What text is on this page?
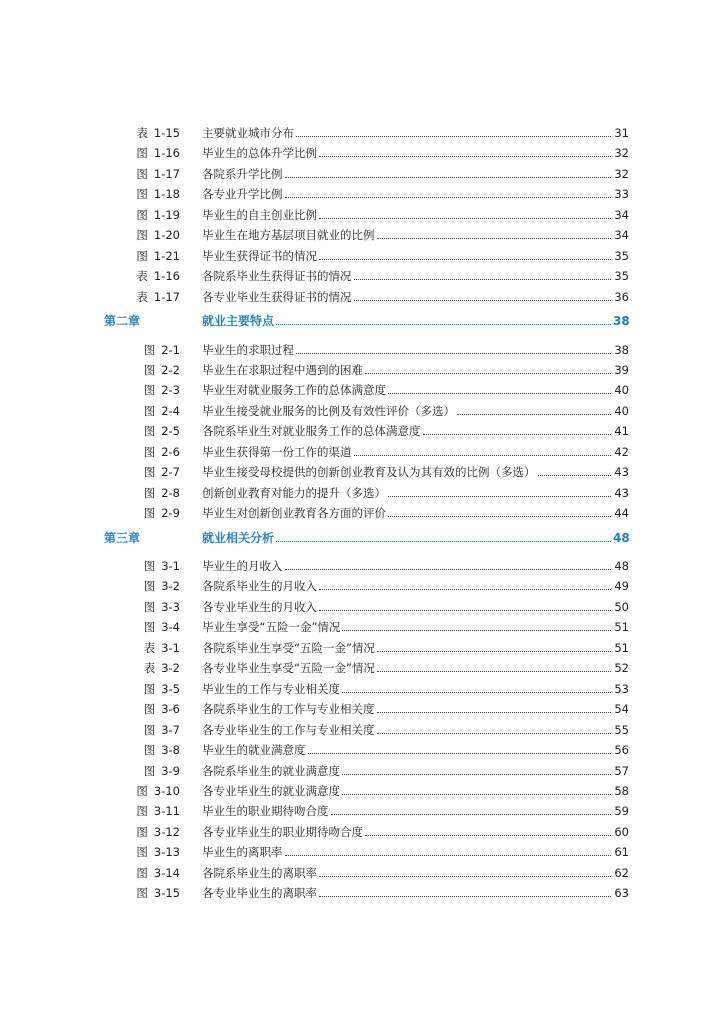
表 1-15 主要就业城市分布	31
图 1-16 毕业生的总体升学比例	32
图 1-17 各院系升学比例	32
图 1-18 各专业升学比例	33
图 1-19 毕业生的自主创业比例	34
图 1-20 毕业生在地方基层项目就业的比例	34
图 1-21 毕业生获得证书的情况	35
表 1-16 各院系毕业生获得证书的情况	35
表 1-17 各专业毕业生获得证书的情况	36
第二章	就业主要特点	38
图 2-1 毕业生的求职过程	38
图 2-2 毕业生在求职过程中遇到的困难	39
图 2-3 毕业生对就业服务工作的总体满意度	40
图 2-4 毕业生接受就业服务的比例及有效性评价（多选）	40
图 2-5 各院系毕业生对就业服务工作的总体满意度	41
图 2-6 毕业生获得第一份工作的渠道	42
图 2-7 毕业生接受母校提供的创新创业教育及认为其有效的比例（多选）	43
图 2-8 创新创业教育对能力的提升（多选）	43
图 2-9 毕业生对创新创业教育各方面的评价	44
第三章	就业相关分析	48
图 3-1 毕业生的月收入	48
图 3-2 各院系毕业生的月收入	49
图 3-3 各专业毕业生的月收入	50
图 3-4 毕业生享受“五险一金”情况	51
表 3-1 各院系毕业生享受“五险一金”情况	51
表 3-2 各专业毕业生享受“五险一金”情况	52
图 3-5 毕业生的工作与专业相关度	53
图 3-6 各院系毕业生的工作与专业相关度	54
图 3-7 各专业毕业生的工作与专业相关度	55
图 3-8 毕业生的就业满意度	56
图 3-9 各院系毕业生的就业满意度	57
图 3-10 各专业毕业生的就业满意度	58
图 3-11 毕业生的职业期待吻合度	59
图 3-12 各专业毕业生的职业期待吻合度	60
图 3-13 毕业生的离职率	61
图 3-14 各院系毕业生的离职率	62
图 3-15 各专业毕业生的离职率	63
